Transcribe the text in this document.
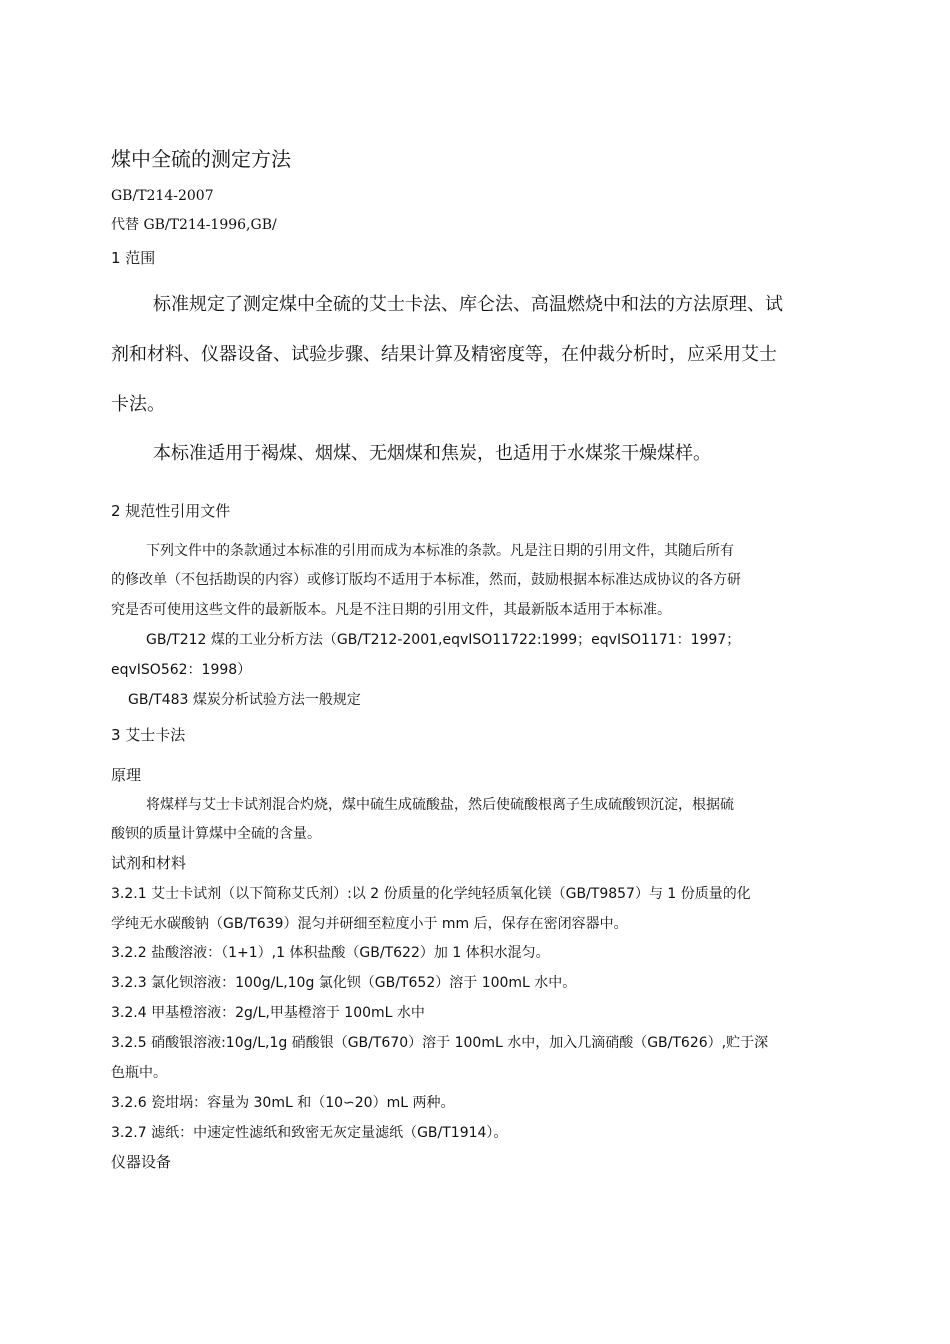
煤中全硫的测定方法
GB/T214-2007
代替 GB/T214-1996,GB/
1 范围
标准规定了测定煤中全硫的艾士卡法、库仑法、高温燃烧中和法的方法原理、试
剂和材料、仪器设备、试验步骤、结果计算及精密度等，在仲裁分析时，应采用艾士
卡法。
本标准适用于褐煤、烟煤、无烟煤和焦炭，也适用于水煤浆干燥煤样。
2 规范性引用文件
下列文件中的条款通过本标准的引用而成为本标准的条款。凡是注日期的引用文件，其随后所有
的修改单（不包括勘误的内容）或修订版均不适用于本标准，然而，鼓励根据本标准达成协议的各方研
究是否可使用这些文件的最新版本。凡是不注日期的引用文件，其最新版本适用于本标准。
GB/T212 煤的工业分析方法（GB/T212-2001,eqvISO11722:1999；eqvISO1171：1997；
eqvISO562：1998）
GB/T483 煤炭分析试验方法一般规定
3 艾士卡法
原理
将煤样与艾士卡试剂混合灼烧，煤中硫生成硫酸盐，然后使硫酸根离子生成硫酸钡沉淀，根据硫
酸钡的质量计算煤中全硫的含量。
试剂和材料
3.2.1 艾士卡试剂（以下简称艾氏剂）:以 2 份质量的化学纯轻质氧化镁（GB/T9857）与 1 份质量的化
学纯无水碳酸钠（GB/T639）混匀并研细至粒度小于 mm 后，保存在密闭容器中。
3.2.2 盐酸溶液：（1+1）,1 体积盐酸（GB/T622）加 1 体积水混匀。
3.2.3 氯化钡溶液：100g/L,10g 氯化钡（GB/T652）溶于 100mL 水中。
3.2.4 甲基橙溶液：2g/L,甲基橙溶于 100mL 水中
3.2.5 硝酸银溶液:10g/L,1g 硝酸银（GB/T670）溶于 100mL 水中，加入几滴硝酸（GB/T626）,贮于深
色瓶中。
3.2.6 瓷坩埚：容量为 30mL 和（10∽20）mL 两种。
3.2.7 滤纸：中速定性滤纸和致密无灰定量滤纸（GB/T1914）。
仪器设备
